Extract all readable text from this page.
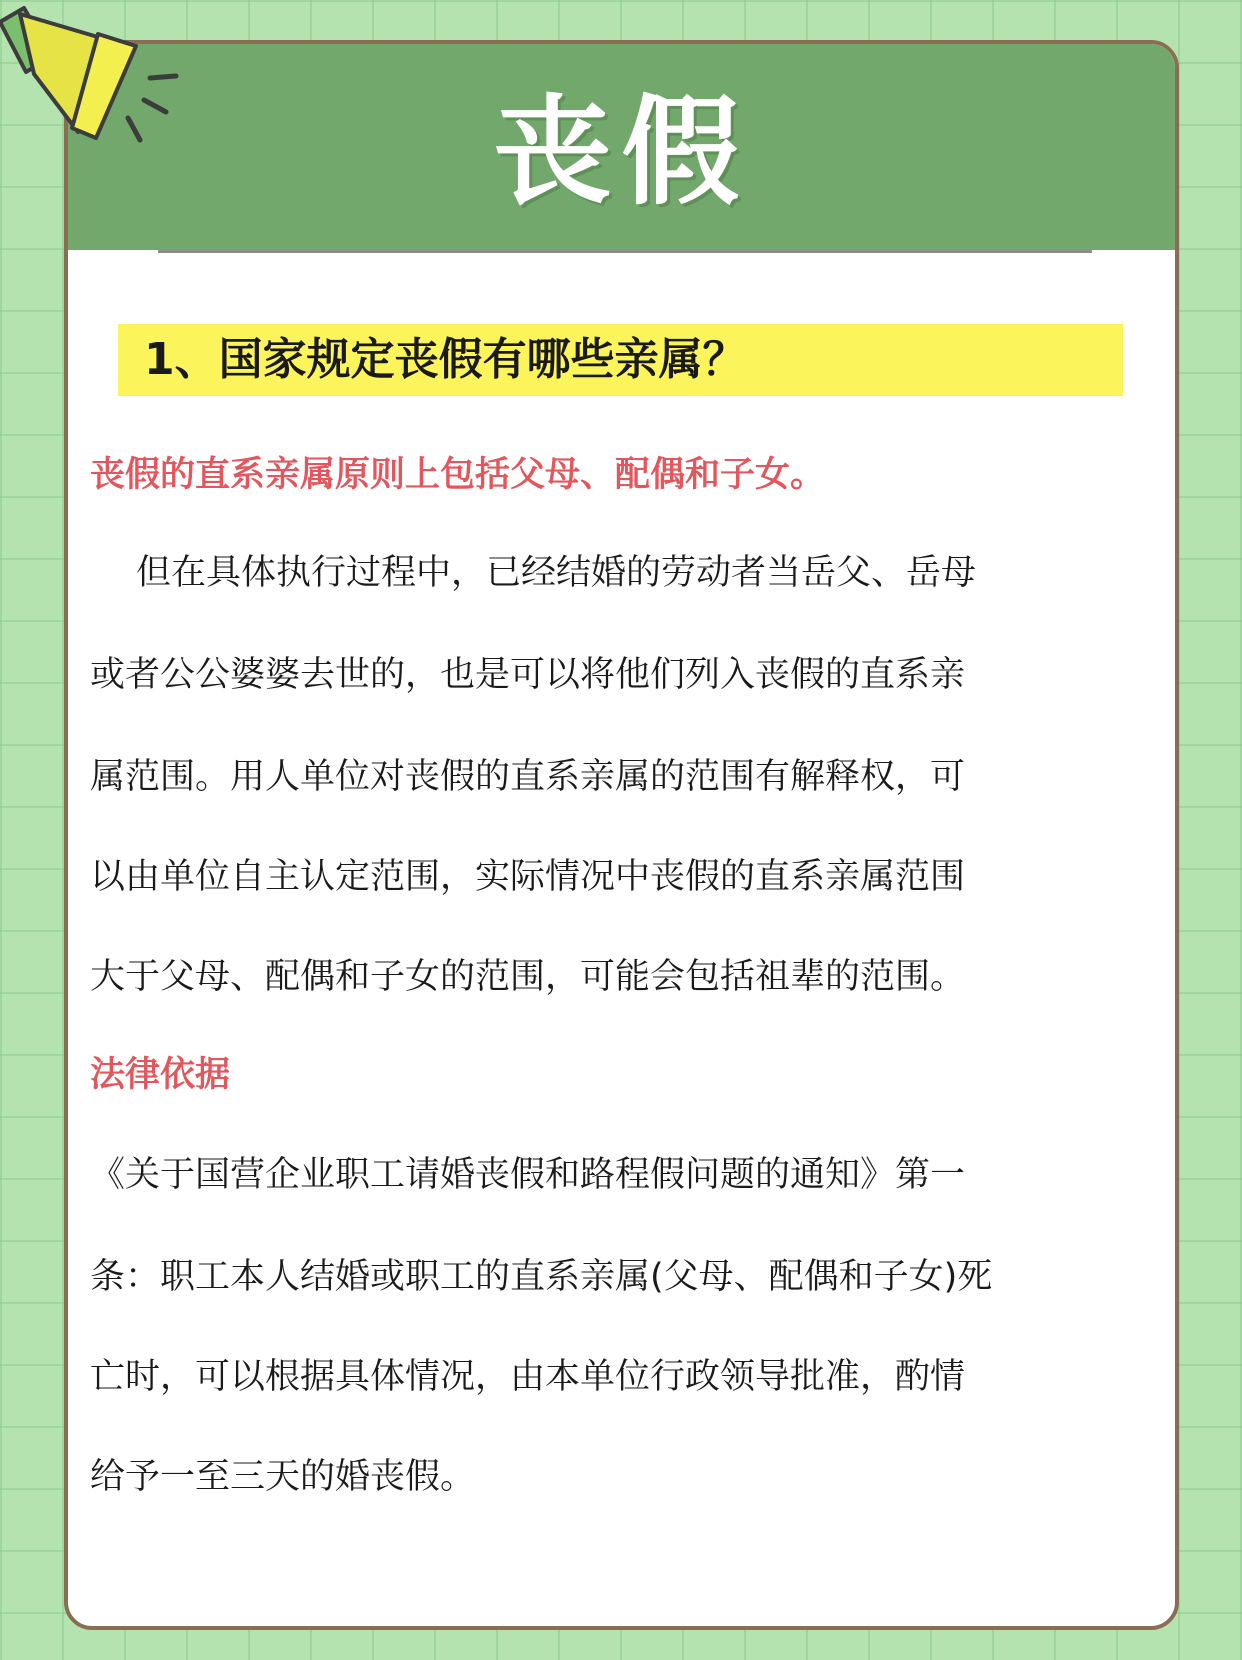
丧假
1、国家规定丧假有哪些亲属？
丧假的直系亲属原则上包括父母、配偶和子女。
但在具体执行过程中，已经结婚的劳动者当岳父、岳母
或者公公婆婆去世的，也是可以将他们列入丧假的直系亲
属范围。用人单位对丧假的直系亲属的范围有解释权，可
以由单位自主认定范围，实际情况中丧假的直系亲属范围
大于父母、配偶和子女的范围，可能会包括祖辈的范围。
法律依据
《关于国营企业职工请婚丧假和路程假问题的通知》第一
条：职工本人结婚或职工的直系亲属(父母、配偶和子女)死
亡时，可以根据具体情况，由本单位行政领导批准，酌情
给予一至三天的婚丧假。
